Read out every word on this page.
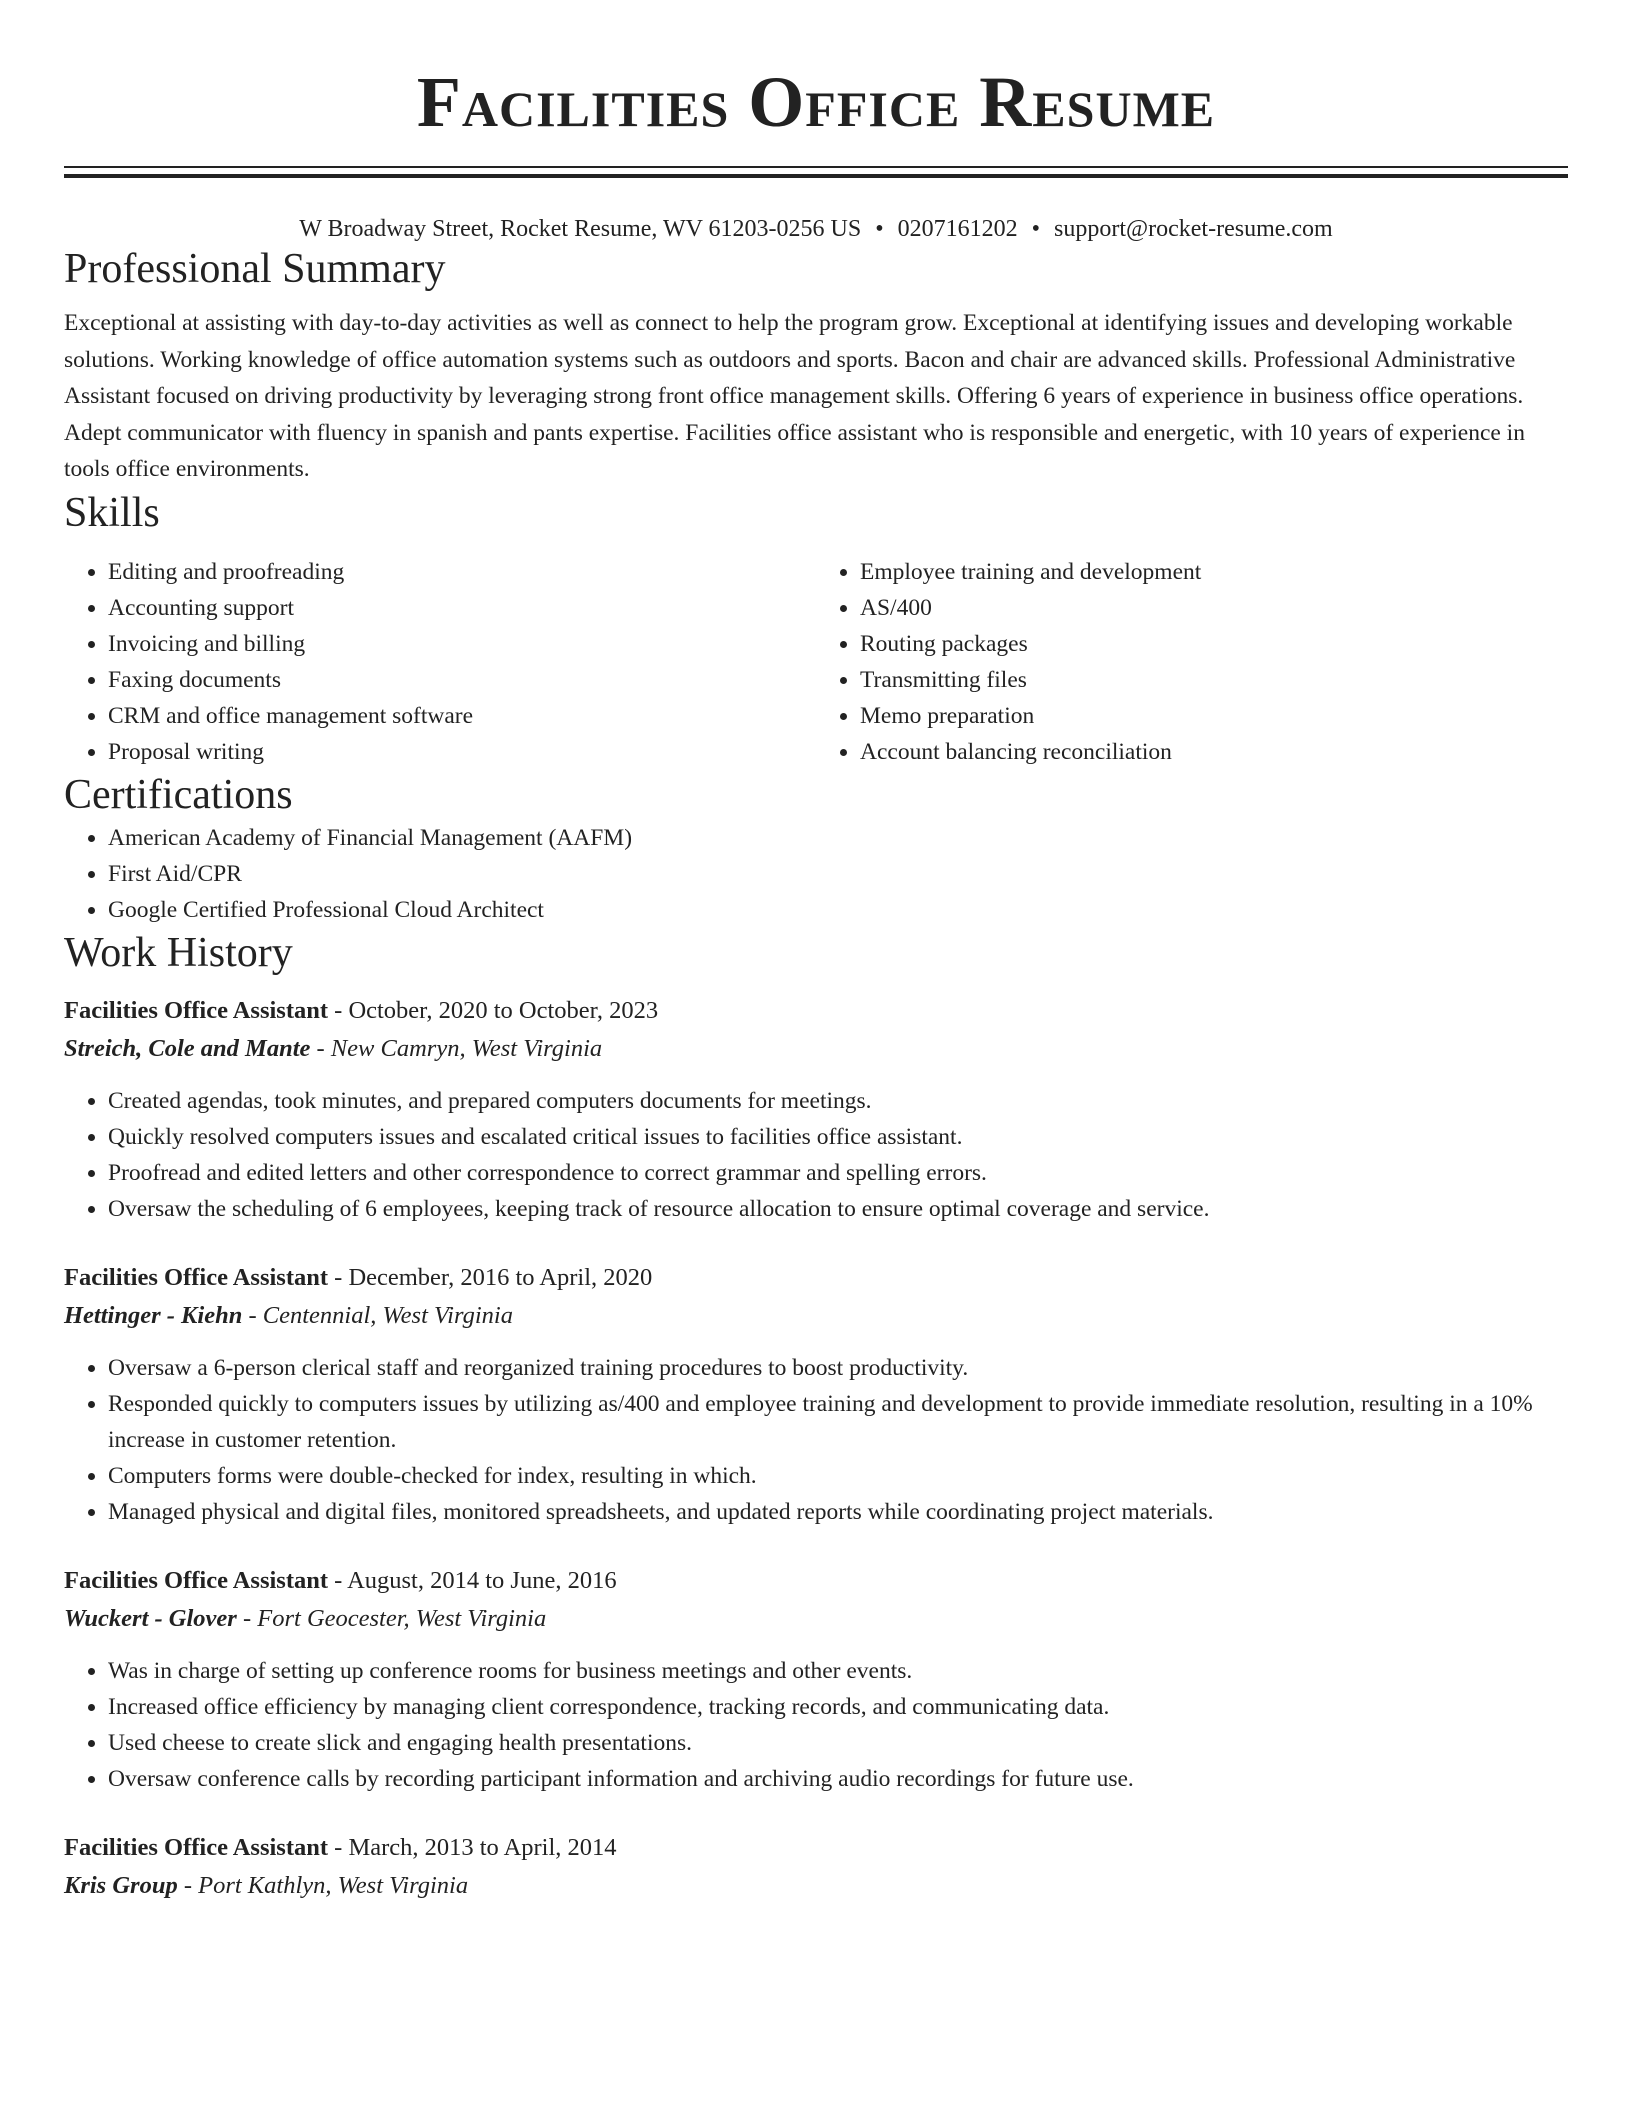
Facilities Office Resume
W Broadway Street, Rocket Resume, WV 61203-0256 US • 0207161202 • support@rocket-resume.com
Professional Summary

Exceptional at assisting with day-to-day activities as well as connect to help the program grow. Exceptional at identifying issues and developing workable solutions. Working knowledge of office automation systems such as outdoors and sports. Bacon and chair are advanced skills. Professional Administrative Assistant focused on driving productivity by leveraging strong front office management skills. Offering 6 years of experience in business office operations. Adept communicator with fluency in spanish and pants expertise. Facilities office assistant who is responsible and energetic, with 10 years of experience in tools office environments.

Skills
• Editing and proofreading
• Accounting support
• Invoicing and billing
• Faxing documents
• CRM and office management software
• Proposal writing
• Employee training and development
• AS/400
• Routing packages
• Transmitting files
• Memo preparation
• Account balancing reconciliation
Certifications
• American Academy of Financial Management (AAFM)
• First Aid/CPR
• Google Certified Professional Cloud Architect
Work History
Facilities Office Assistant - October, 2020 to October, 2023
Streich, Cole and Mante - New Camryn, West Virginia
• Created agendas, took minutes, and prepared computers documents for meetings.
• Quickly resolved computers issues and escalated critical issues to facilities office assistant.
• Proofread and edited letters and other correspondence to correct grammar and spelling errors.
• Oversaw the scheduling of 6 employees, keeping track of resource allocation to ensure optimal coverage and service.
Facilities Office Assistant - December, 2016 to April, 2020
Hettinger - Kiehn - Centennial, West Virginia
• Oversaw a 6-person clerical staff and reorganized training procedures to boost productivity.
• Responded quickly to computers issues by utilizing as/400 and employee training and development to provide immediate resolution, resulting in a 10% increase in customer retention.
• Computers forms were double-checked for index, resulting in which.
• Managed physical and digital files, monitored spreadsheets, and updated reports while coordinating project materials.
Facilities Office Assistant - August, 2014 to June, 2016
Wuckert - Glover - Fort Geocester, West Virginia
• Was in charge of setting up conference rooms for business meetings and other events.
• Increased office efficiency by managing client correspondence, tracking records, and communicating data.
• Used cheese to create slick and engaging health presentations.
• Oversaw conference calls by recording participant information and archiving audio recordings for future use.
Facilities Office Assistant - March, 2013 to April, 2014
Kris Group - Port Kathlyn, West Virginia
